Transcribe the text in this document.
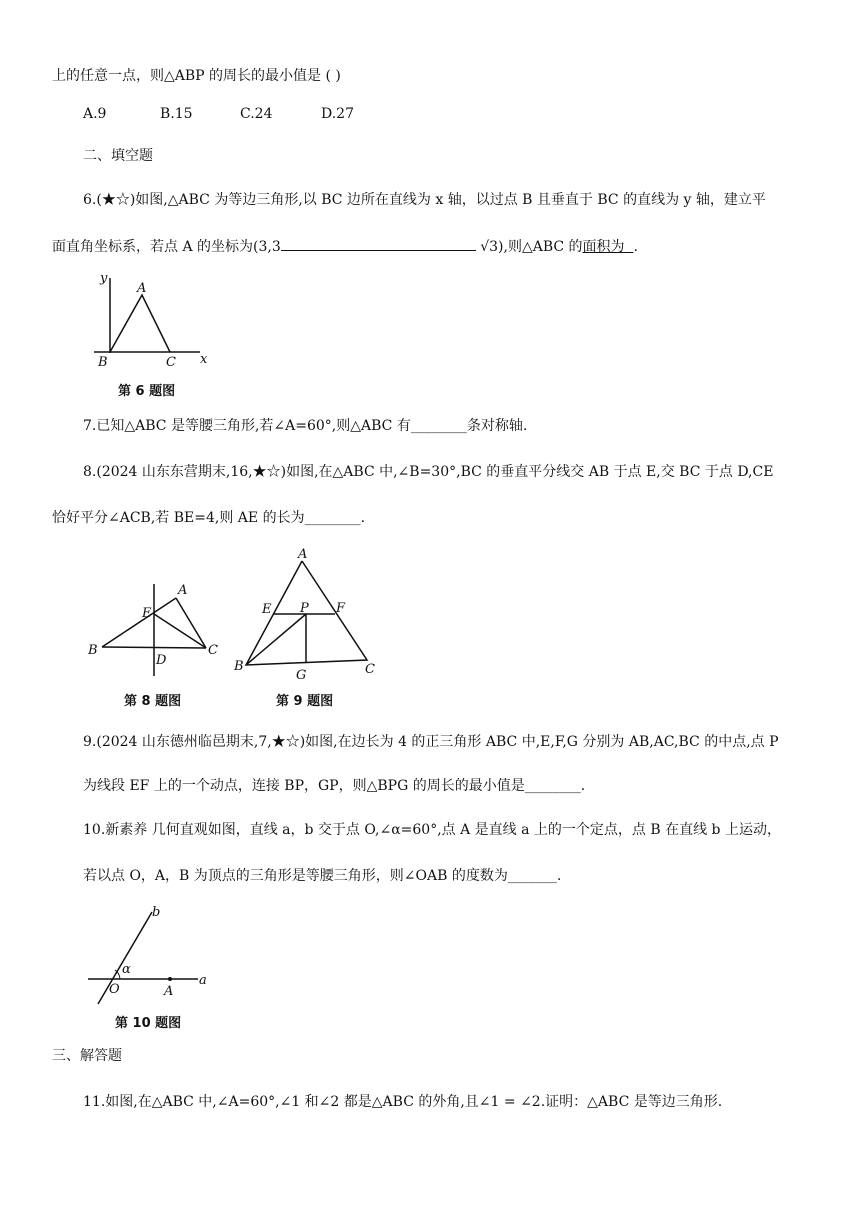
上的任意一点，则△ABP 的周长的最小值是 ( )
A.9	B.15	C.24	D.27
二、填空题
6.(★☆)如图,△ABC 为等边三角形,以 BC 边所在直线为 x 轴，以过点 B 且垂直于 BC 的直线为 y 轴，建立平
面直角坐标系，若点 A 的坐标为(3,3	√3),则△ABC 的面积为 .
y
A
B	C x
第 6 题图
7.已知△ABC 是等腰三角形,若∠A=60°,则△ABC 有________条对称轴.
8.(2024 山东东营期末,16,★☆)如图,在△ABC 中,∠B=30°,BC 的垂直平分线交 AB 于点 E,交 BC 于点 D,CE
恰好平分∠ACB,若 BE=4,则 AE 的长为________.
A
E
B
D
C
第 8 题图
A
E P F
B
G	C
第 9 题图
9.(2024 山东德州临邑期末,7,★☆)如图,在边长为 4 的正三角形 ABC 中,E,F,G 分别为 AB,AC,BC 的中点,点 P
为线段 EF 上的一个动点，连接 BP，GP，则△BPG 的周长的最小值是________.
10.新素养 几何直观如图，直线 a，b 交于点 O,∠α=60°,点 A 是直线 a 上的一个定点，点 B 在直线 b 上运动，
若以点 O，A，B 为顶点的三角形是等腰三角形，则∠OAB 的度数为_______.
b
α
O	A
a
第 10 题图
三、解答题
11.如图,在△ABC 中,∠A=60°,∠1 和∠2 都是△ABC 的外角,且∠1 = ∠2.证明：△ABC 是等边三角形.
